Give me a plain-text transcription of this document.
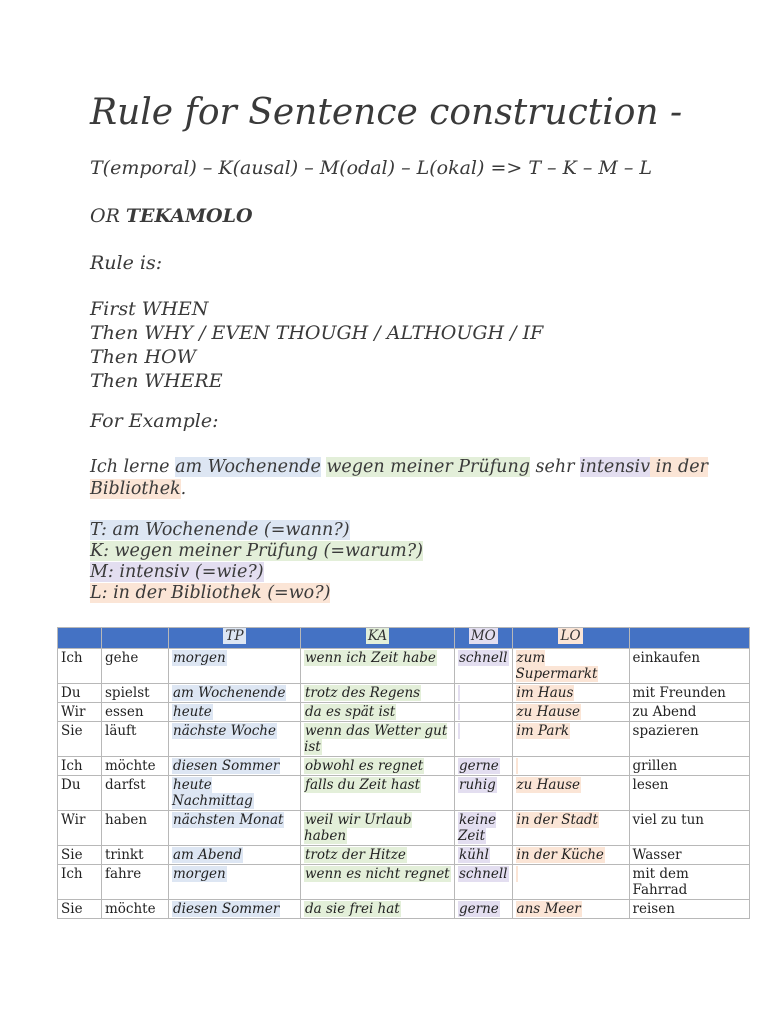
Rule for Sentence construction -
T(emporal) – K(ausal) – M(odal) – L(okal) => T – K – M – L
OR TEKAMOLO
Rule is:
First WHEN
Then WHY / EVEN THOUGH / ALTHOUGH / IF
Then HOW
Then WHERE
For Example:
Ich lerne am Wochenende wegen meiner Prüfung sehr intensiv in der
Bibliothek.
T: am Wochenende (=wann?)
K: wegen meiner Prüfung (=warum?)
M: intensiv (=wie?)
L: in der Bibliothek (=wo?)
		TP	KA	MO	LO	
Ich	gehe	morgen	wenn ich Zeit habe	schnell	zum Supermarkt	einkaufen
Du	spielst	am Wochenende	trotz des Regens		im Haus	mit Freunden
Wir	essen	heute	da es spät ist		zu Hause	zu Abend
Sie	läuft	nächste Woche	wenn das Wetter gut ist		im Park	spazieren
Ich	möchte	diesen Sommer	obwohl es regnet	gerne		grillen
Du	darfst	heute Nachmittag	falls du Zeit hast	ruhig	zu Hause	lesen
Wir	haben	nächsten Monat	weil wir Urlaub haben	keine Zeit	in der Stadt	viel zu tun
Sie	trinkt	am Abend	trotz der Hitze	kühl	in der Küche	Wasser
Ich	fahre	morgen	wenn es nicht regnet	schnell		mit dem Fahrrad
Sie	möchte	diesen Sommer	da sie frei hat	gerne	ans Meer	reisen
